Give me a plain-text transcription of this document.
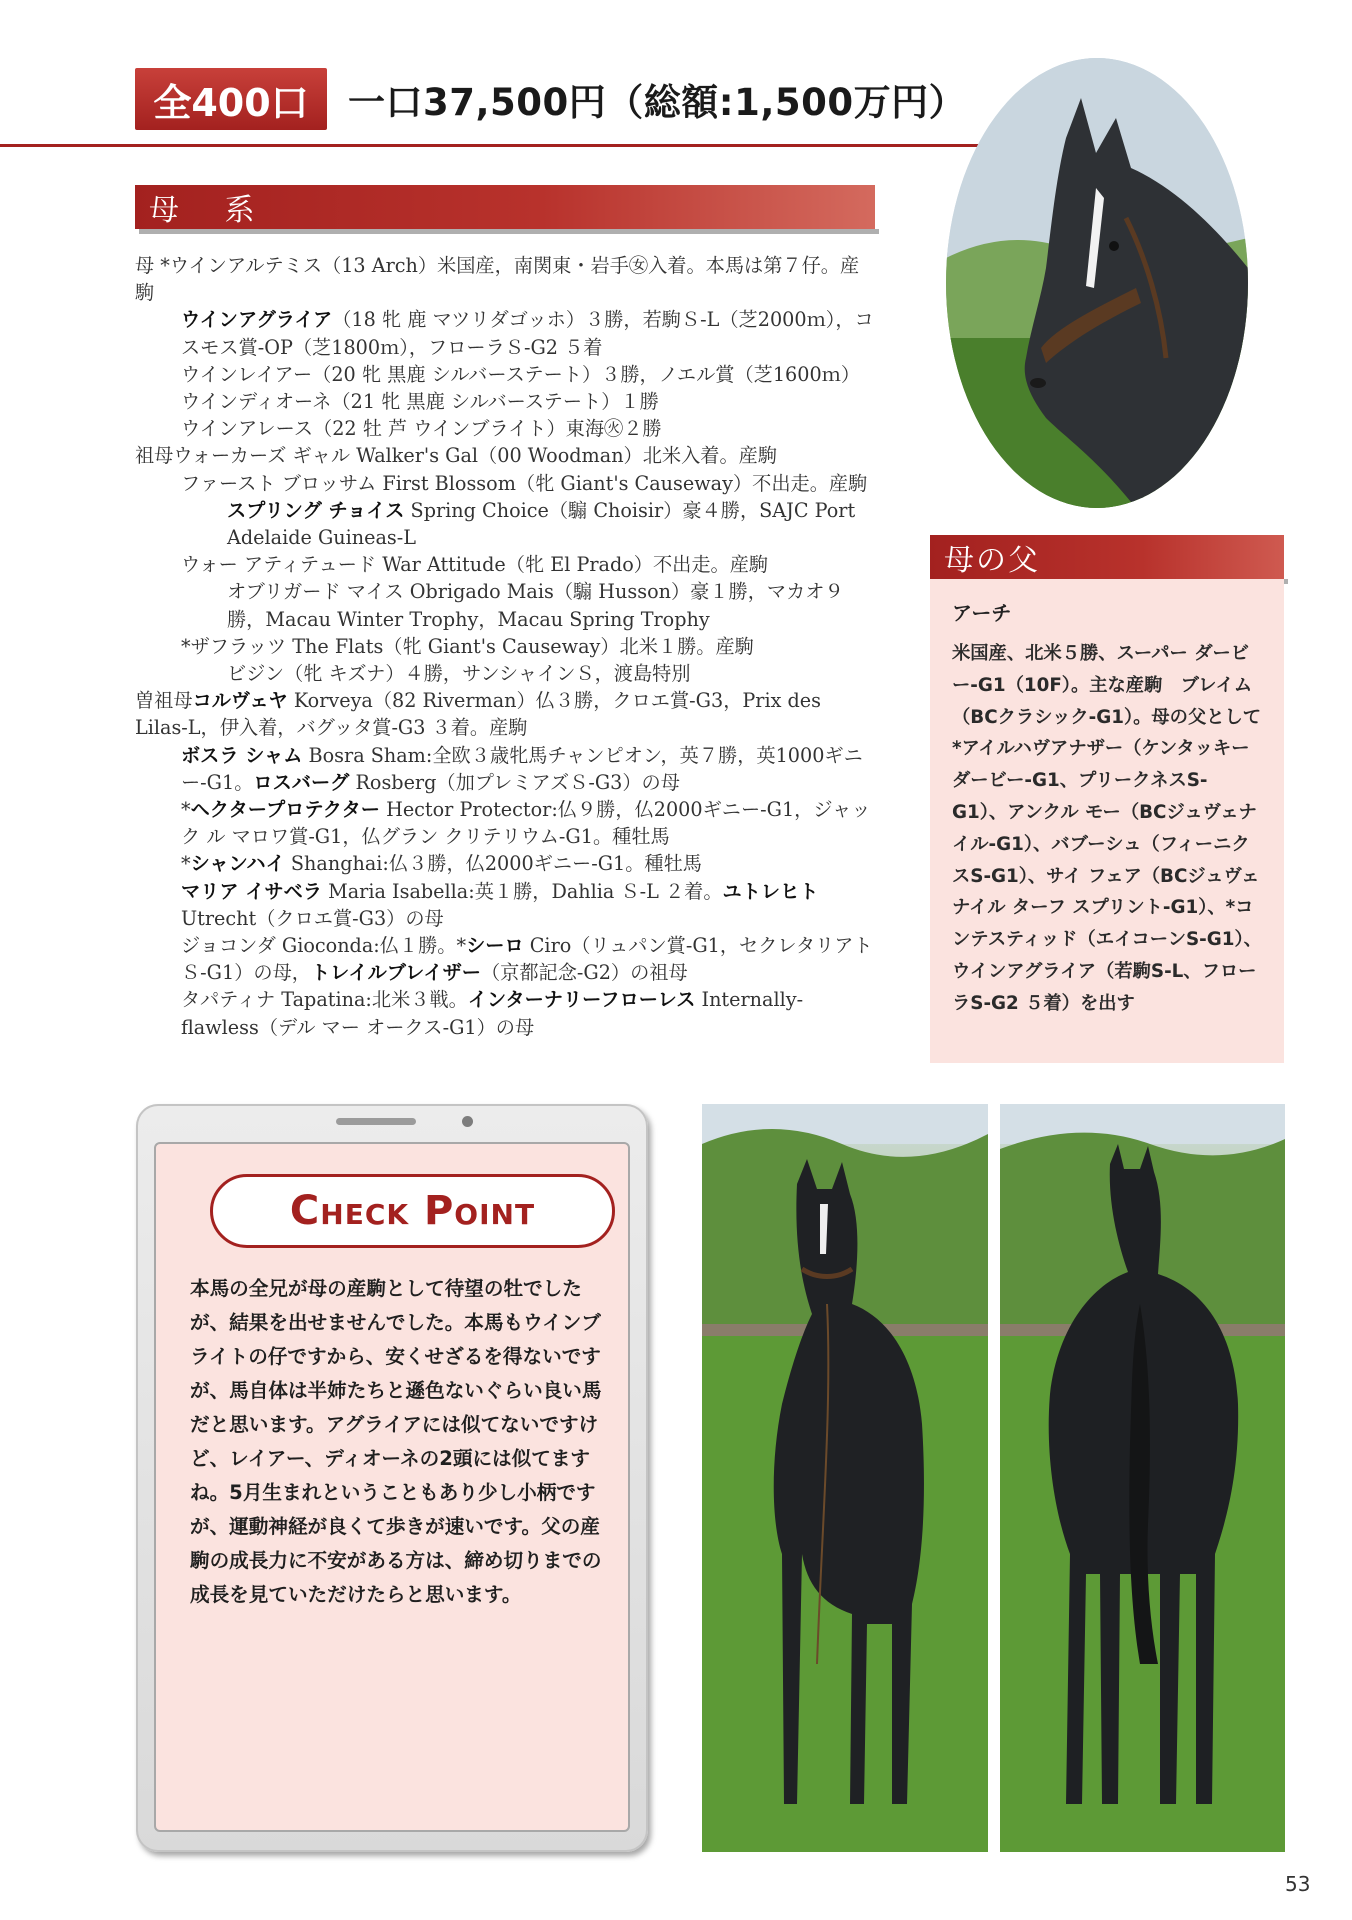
全400口 一口37,500円（総額:1,500万円）
母 系
母 *ウインアルテミス（13 Arch）米国産，南関東・岩手㊛入着。本馬は第７仔。産駒
ウインアグライア（18 牝 鹿 マツリダゴッホ）３勝，若駒Ｓ-L（芝2000ｍ），コスモス賞-OP（芝1800ｍ），フローラＳ-G2 ５着
ウインレイアー（20 牝 黒鹿 シルバーステート）３勝，ノエル賞（芝1600ｍ）
ウインディオーネ（21 牝 黒鹿 シルバーステート）１勝
ウインアレース（22 牡 芦 ウインブライト）東海㊋２勝
祖母ウォーカーズ ギャル Walker's Gal（00 Woodman）北米入着。産駒
ファースト ブロッサム First Blossom（牝 Giant's Causeway）不出走。産駒
スプリング チョイス Spring Choice（騸 Choisir）豪４勝，SAJC Port Adelaide Guineas-L
ウォー アティテュード War Attitude（牝 El Prado）不出走。産駒
オブリガード マイス Obrigado Mais（騸 Husson）豪１勝，マカオ９勝，Macau Winter Trophy，Macau Spring Trophy
*ザフラッツ The Flats（牝 Giant's Causeway）北米１勝。産駒
ビジン（牝 キズナ）４勝，サンシャインＳ，渡島特別
曽祖母コルヴェヤ Korveya（82 Riverman）仏３勝，クロエ賞-G3，Prix des Lilas-L，伊入着，バグッタ賞-G3 ３着。産駒
ボスラ シャム Bosra Sham:全欧３歳牝馬チャンピオン，英７勝，英1000ギニー-G1。ロスバーグ Rosberg（加プレミアズＳ-G3）の母
*ヘクタープロテクター Hector Protector:仏９勝，仏2000ギニー-G1，ジャック ル マロワ賞-G1，仏グラン クリテリウム-G1。種牡馬
*シャンハイ Shanghai:仏３勝，仏2000ギニー-G1。種牡馬
マリア イサベラ Maria Isabella:英１勝，Dahlia Ｓ-L ２着。ユトレヒト Utrecht（クロエ賞-G3）の母
ジョコンダ Gioconda:仏１勝。*シーロ Ciro（リュパン賞-G1，セクレタリアトＳ-G1）の母，トレイルブレイザー（京都記念-G2）の祖母
タパティナ Tapatina:北米３戦。インターナリーフローレス Internally-flawless（デル マー オークス-G1）の母
母の父
アーチ
米国産、北米５勝、スーパー ダービー-G1（10F）。主な産駒　ブレイム（BCクラシック-G1）。母の父として*アイルハヴアナザー（ケンタッキー ダービー-G1、プリークネスS-G1）、アンクル モー（BCジュヴェナイル-G1）、バブーシュ（フィーニクスS-G1）、サイ フェア（BCジュヴェナイル ターフ スプリント-G1）、*コンテスティッド（エイコーンS-G1）、ウインアグライア（若駒S-L、フローラS-G2 ５着）を出す
Check Point
本馬の全兄が母の産駒として待望の牡でしたが、結果を出せませんでした。本馬もウインブライトの仔ですから、安くせざるを得ないですが、馬自体は半姉たちと遜色ないぐらい良い馬だと思います。アグライアには似てないですけど、レイアー、ディオーネの2頭には似てますね。5月生まれということもあり少し小柄ですが、運動神経が良くて歩きが速いです。父の産駒の成長力に不安がある方は、締め切りまでの成長を見ていただけたらと思います。
53
